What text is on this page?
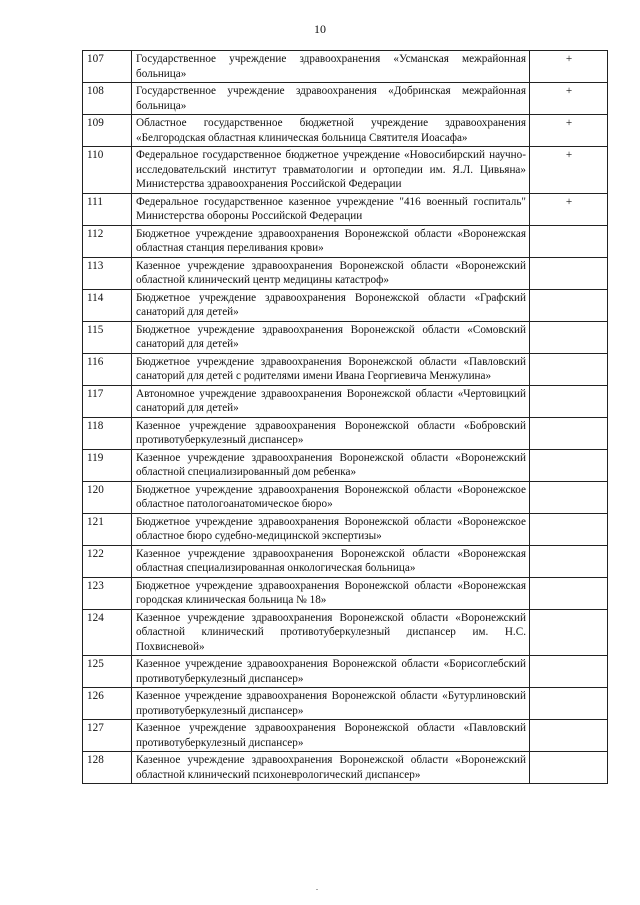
10
107	Государственное учреждение здравоохранения «Усманская межрайонная больница»	+
108	Государственное учреждение здравоохранения «Добринская межрайонная больница»	+
109	Областное государственное бюджетной учреждение здравоохранения «Белгородская областная клиническая больница Святителя Иоасафа»	+
110	Федеральное государственное бюджетное учреждение «Новосибирский научно-исследовательский институт травматологии и ортопедии им. Я.Л. Цивьяна» Министерства здравоохранения Российской Федерации	+
111	Федеральное государственное казенное учреждение "416 военный госпиталь" Министерства обороны Российской Федерации	+
112	Бюджетное учреждение здравоохранения Воронежской области «Воронежская областная станция переливания крови»	
113	Казенное учреждение здравоохранения Воронежской области «Воронежский областной клинический центр медицины катастроф»	
114	Бюджетное учреждение здравоохранения Воронежской области «Графский санаторий для детей»	
115	Бюджетное учреждение здравоохранения Воронежской области «Сомовский санаторий для детей»	
116	Бюджетное учреждение здравоохранения Воронежской области «Павловский санаторий для детей с родителями имени Ивана Георгиевича Менжулина»	
117	Автономное учреждение здравоохранения Воронежской области «Чертовицкий санаторий для детей»	
118	Казенное учреждение здравоохранения Воронежской области «Бобровский противотуберкулезный диспансер»	
119	Казенное учреждение здравоохранения Воронежской области «Воронежский областной специализированный дом ребенка»	
120	Бюджетное учреждение здравоохранения Воронежской области «Воронежское областное патологоанатомическое бюро»	
121	Бюджетное учреждение здравоохранения Воронежской области «Воронежское областное бюро судебно-медицинской экспертизы»	
122	Казенное учреждение здравоохранения Воронежской области «Воронежская областная специализированная онкологическая больница»	
123	Бюджетное учреждение здравоохранения Воронежской области «Воронежская городская клиническая больница № 18»	
124	Казенное учреждение здравоохранения Воронежской области «Воронежский областной клинический противотуберкулезный диспансер им. Н.С. Похвисневой»	
125	Казенное учреждение здравоохранения Воронежской области «Борисоглебский противотуберкулезный диспансер»	
126	Казенное учреждение здравоохранения Воронежской области «Бутурлиновский противотуберкулезный диспансер»	
127	Казенное учреждение здравоохранения Воронежской области «Павловский противотуберкулезный диспансер»	
128	Казенное учреждение здравоохранения Воронежской области «Воронежский областной клинический психоневрологический диспансер»	
.
